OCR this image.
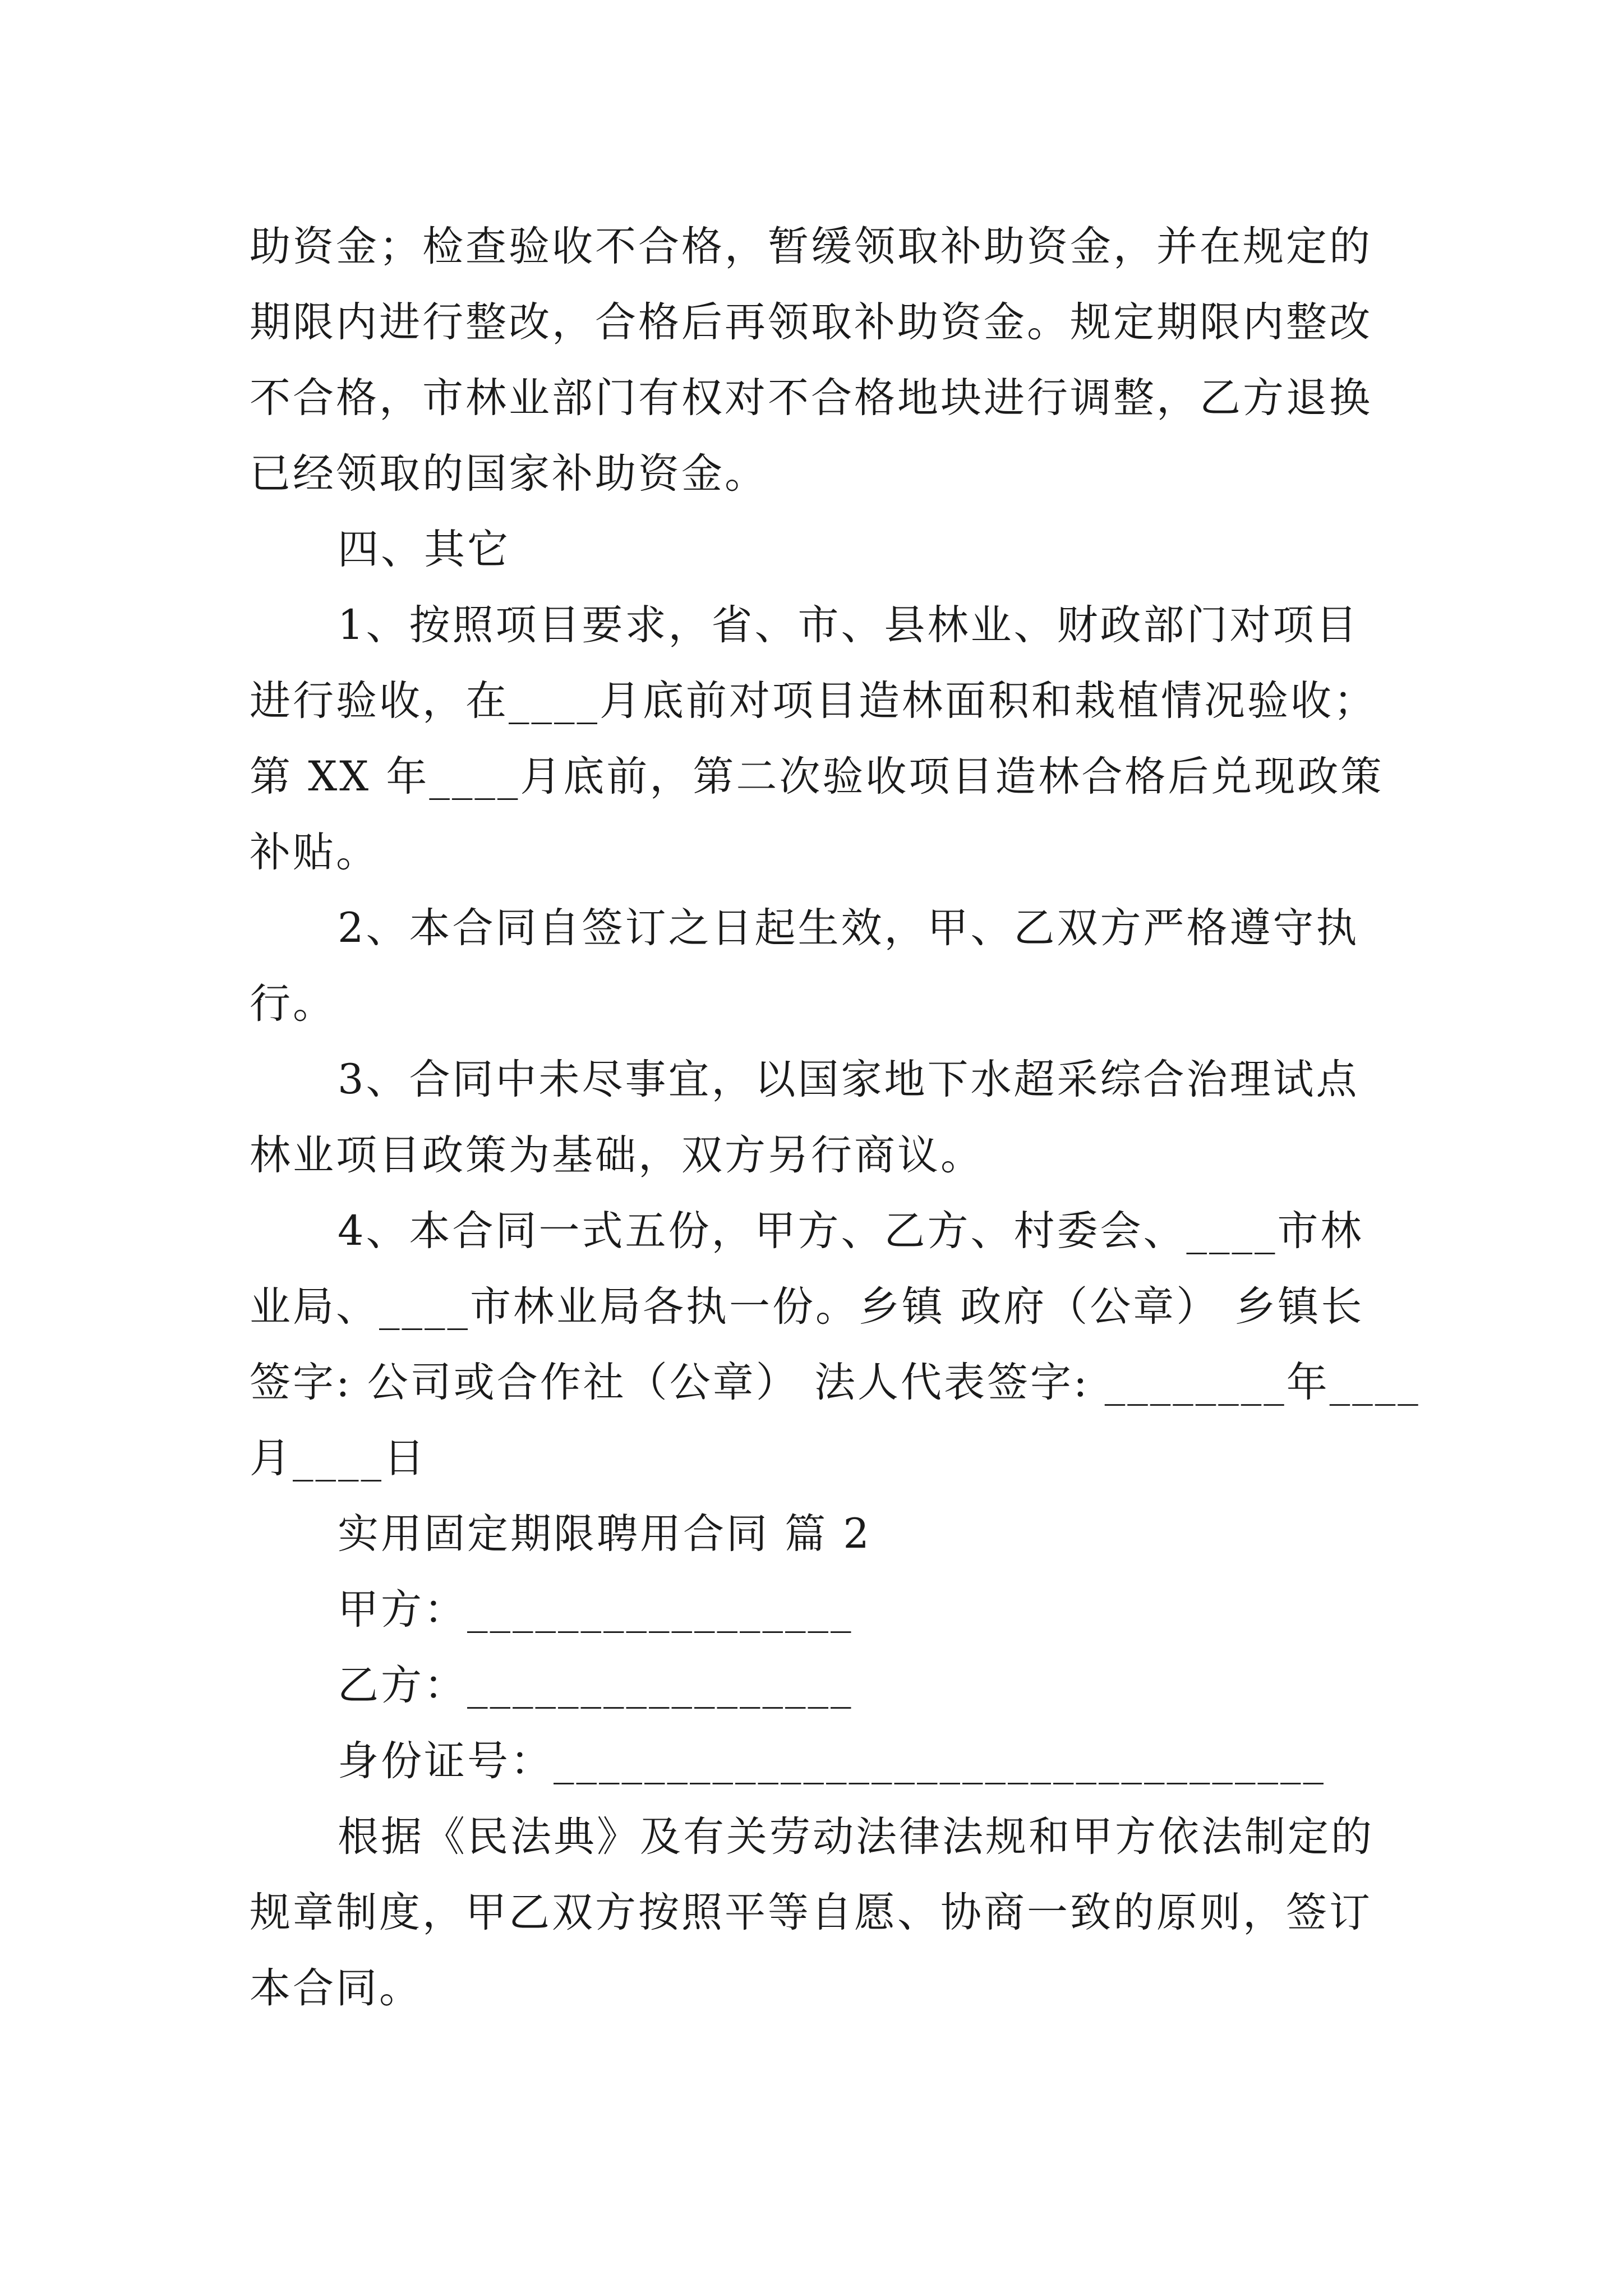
助资金；检查验收不合格，暂缓领取补助资金，并在规定的
期限内进行整改，合格后再领取补助资金。规定期限内整改
不合格，市林业部门有权对不合格地块进行调整，乙方退换
已经领取的国家补助资金。
四、其它
1、按照项目要求，省、市、县林业、财政部门对项目
进行验收，在____月底前对项目造林面积和栽植情况验收；
第 XX 年____月底前，第二次验收项目造林合格后兑现政策
补贴。
2、本合同自签订之日起生效，甲、乙双方严格遵守执
行。
3、合同中未尽事宜，以国家地下水超采综合治理试点
林业项目政策为基础，双方另行商议。
4、本合同一式五份，甲方、乙方、村委会、____市林
业局、____市林业局各执一份。乡镇 政府（公章） 乡镇长
签字: 公司或合作社（公章） 法人代表签字: ________年____
月____日
实用固定期限聘用合同 篇 2
甲方：_________________
乙方：_________________
身份证号：__________________________________
根据《民法典》及有关劳动法律法规和甲方依法制定的
规章制度，甲乙双方按照平等自愿、协商一致的原则，签订
本合同。
